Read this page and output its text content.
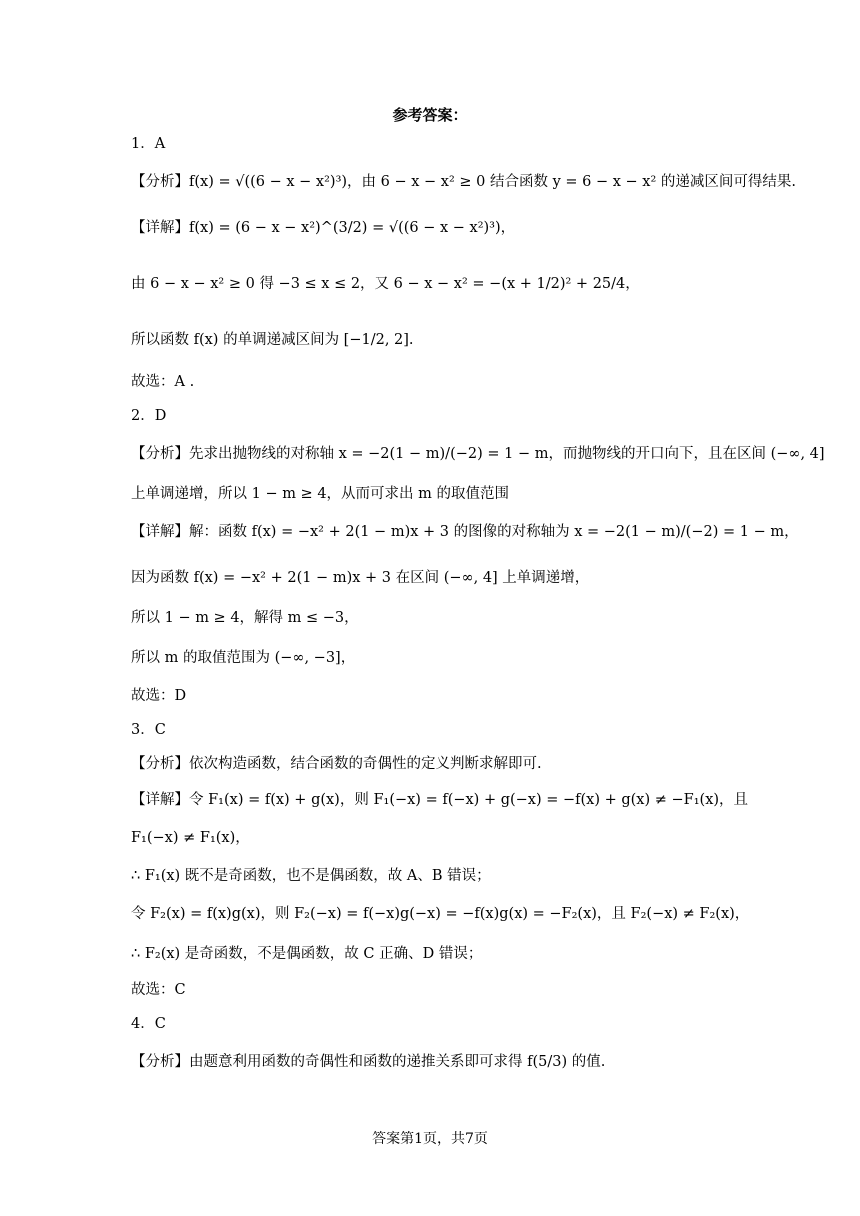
参考答案：
1．A
【分析】f(x) = √((6 − x − x²)³)，由 6 − x − x² ≥ 0 结合函数 y = 6 − x − x² 的递减区间可得结果.
【详解】f(x) = (6 − x − x²)^(3/2) = √((6 − x − x²)³)，
由 6 − x − x² ≥ 0 得 −3 ≤ x ≤ 2，又 6 − x − x² = −(x + 1/2)² + 25/4，
所以函数 f(x) 的单调递减区间为 [−1/2, 2].
故选：A .
2．D
【分析】先求出抛物线的对称轴 x = −2(1 − m)/(−2) = 1 − m，而抛物线的开口向下，且在区间 (−∞, 4]
上单调递增，所以 1 − m ≥ 4，从而可求出 m 的取值范围
【详解】解：函数 f(x) = −x² + 2(1 − m)x + 3 的图像的对称轴为 x = −2(1 − m)/(−2) = 1 − m，
因为函数 f(x) = −x² + 2(1 − m)x + 3 在区间 (−∞, 4] 上单调递增，
所以 1 − m ≥ 4，解得 m ≤ −3，
所以 m 的取值范围为 (−∞, −3]，
故选：D
3．C
【分析】依次构造函数，结合函数的奇偶性的定义判断求解即可.
【详解】令 F₁(x) = f(x) + g(x)，则 F₁(−x) = f(−x) + g(−x) = −f(x) + g(x) ≠ −F₁(x)，且
F₁(−x) ≠ F₁(x)，
∴ F₁(x) 既不是奇函数，也不是偶函数，故 A、B 错误；
令 F₂(x) = f(x)g(x)，则 F₂(−x) = f(−x)g(−x) = −f(x)g(x) = −F₂(x)，且 F₂(−x) ≠ F₂(x)，
∴ F₂(x) 是奇函数，不是偶函数，故 C 正确、D 错误；
故选：C
4．C
【分析】由题意利用函数的奇偶性和函数的递推关系即可求得 f(5/3) 的值.
答案第1页，共7页
